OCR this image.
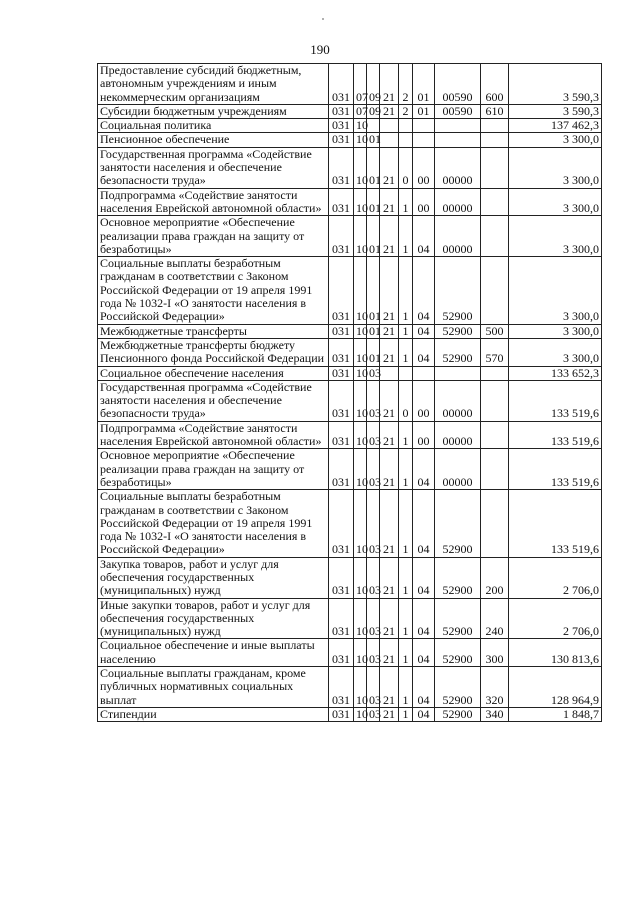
190
Предоставление субсидий бюджетным, автономным учреждениям и иным некоммерческим организациям	031	07	09	21	2	01	00590	600	3 590,3
Субсидии бюджетным учреждениям	031	07	09	21	2	01	00590	610	3 590,3
Социальная политика	031	10							137 462,3
Пенсионное обеспечение	031	10	01						3 300,0
Государственная программа «Содействие занятости населения и обеспечение безопасности труда»	031	10	01	21	0	00	00000		3 300,0
Подпрограмма «Содействие занятости населения Еврейской автономной области»	031	10	01	21	1	00	00000		3 300,0
Основное мероприятие «Обеспечение реализации права граждан на защиту от безработицы»	031	10	01	21	1	04	00000		3 300,0
Социальные выплаты безработным гражданам в соответствии с Законом Российской Федерации от 19 апреля 1991 года № 1032-I «О занятости населения в Российской Федерации»	031	10	01	21	1	04	52900		3 300,0
Межбюджетные трансферты	031	10	01	21	1	04	52900	500	3 300,0
Межбюджетные трансферты бюджету Пенсионного фонда Российской Федерации	031	10	01	21	1	04	52900	570	3 300,0
Социальное обеспечение населения	031	10	03						133 652,3
Государственная программа «Содействие занятости населения и обеспечение безопасности труда»	031	10	03	21	0	00	00000		133 519,6
Подпрограмма «Содействие занятости населения Еврейской автономной области»	031	10	03	21	1	00	00000		133 519,6
Основное мероприятие «Обеспечение реализации права граждан на защиту от безработицы»	031	10	03	21	1	04	00000		133 519,6
Социальные выплаты безработным гражданам в соответствии с Законом Российской Федерации от 19 апреля 1991 года № 1032-I «О занятости населения в Российской Федерации»	031	10	03	21	1	04	52900		133 519,6
Закупка товаров, работ и услуг для обеспечения государственных (муниципальных) нужд	031	10	03	21	1	04	52900	200	2 706,0
Иные закупки товаров, работ и услуг для обеспечения государственных (муниципальных) нужд	031	10	03	21	1	04	52900	240	2 706,0
Социальное обеспечение и иные выплаты населению	031	10	03	21	1	04	52900	300	130 813,6
Социальные выплаты гражданам, кроме публичных нормативных социальных выплат	031	10	03	21	1	04	52900	320	128 964,9
Стипендии	031	10	03	21	1	04	52900	340	1 848,7
